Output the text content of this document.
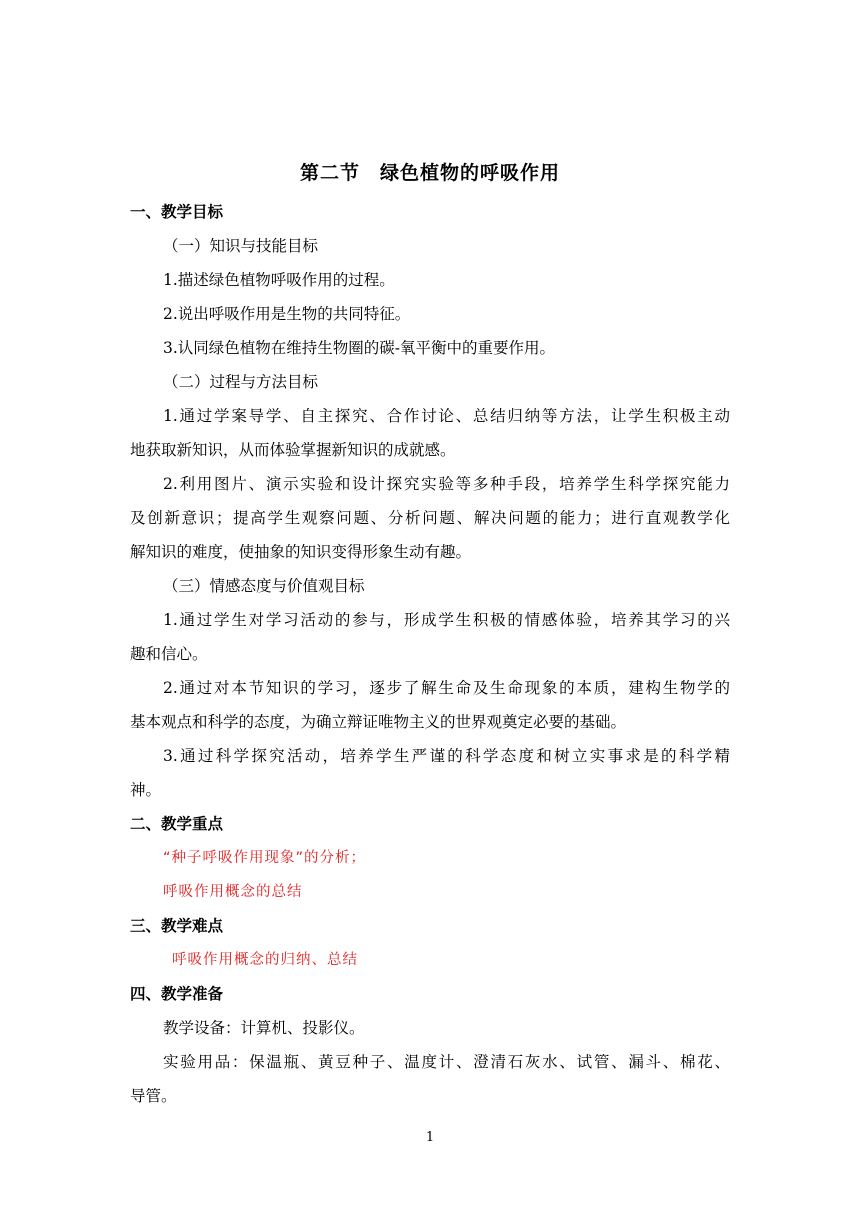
第二节　绿色植物的呼吸作用
一、教学目标
（一）知识与技能目标
1.描述绿色植物呼吸作用的过程。
2.说出呼吸作用是生物的共同特征。
3.认同绿色植物在维持生物圈的碳-氧平衡中的重要作用。
（二）过程与方法目标
1.通过学案导学、自主探究、合作讨论、总结归纳等方法，让学生积极主动
地获取新知识，从而体验掌握新知识的成就感。
2.利用图片、演示实验和设计探究实验等多种手段，培养学生科学探究能力
及创新意识；提高学生观察问题、分析问题、解决问题的能力；进行直观教学化
解知识的难度，使抽象的知识变得形象生动有趣。
（三）情感态度与价值观目标
1.通过学生对学习活动的参与，形成学生积极的情感体验，培养其学习的兴
趣和信心。
2.通过对本节知识的学习，逐步了解生命及生命现象的本质，建构生物学的
基本观点和科学的态度，为确立辩证唯物主义的世界观奠定必要的基础。
3.通过科学探究活动，培养学生严谨的科学态度和树立实事求是的科学精
神。
二、教学重点
“种子呼吸作用现象”的分析；
呼吸作用概念的总结
三、教学难点
呼吸作用概念的归纳、总结
四、教学准备
教学设备：计算机、投影仪。
实验用品：保温瓶、黄豆种子、温度计、澄清石灰水、试管、漏斗、棉花、
导管。
1
